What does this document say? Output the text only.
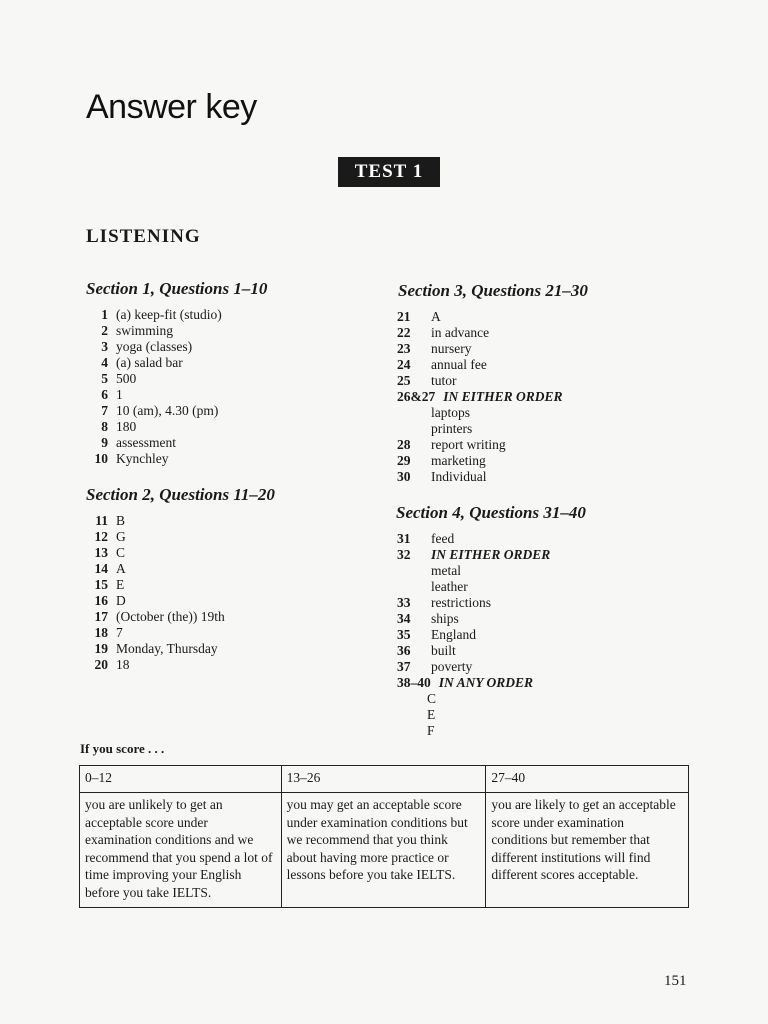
Answer key
TEST 1
LISTENING
Section 1, Questions 1–10
1 (a) keep-fit (studio)
2 swimming
3 yoga (classes)
4 (a) salad bar
5 500
6 1
7 10 (am), 4.30 (pm)
8 180
9 assessment
10 Kynchley
Section 2, Questions 11–20
11 B
12 G
13 C
14 A
15 E
16 D
17 (October (the)) 19th
18 7
19 Monday, Thursday
20 18
Section 3, Questions 21–30
21	A
22	in advance
23	nursery
24	annual fee
25	tutor
26&27 IN EITHER ORDER
laptops
printers
28	report writing
29	marketing
30	Individual
Section 4, Questions 31–40
31	feed
32	IN EITHER ORDER
metal
leather
33	restrictions
34	ships
35	England
36	built
37	poverty
38–40 IN ANY ORDER
C
E
F

If you score . . .

0–12	13–26	27–40
you are unlikely to get an acceptable score under examination conditions and we recommend that you spend a lot of time improving your English before you take IELTS.	you may get an acceptable score under examination conditions but we recommend that you think about having more practice or lessons before you take IELTS.	you are likely to get an acceptable score under examination conditions but remember that different institutions will find different scores acceptable.
151
